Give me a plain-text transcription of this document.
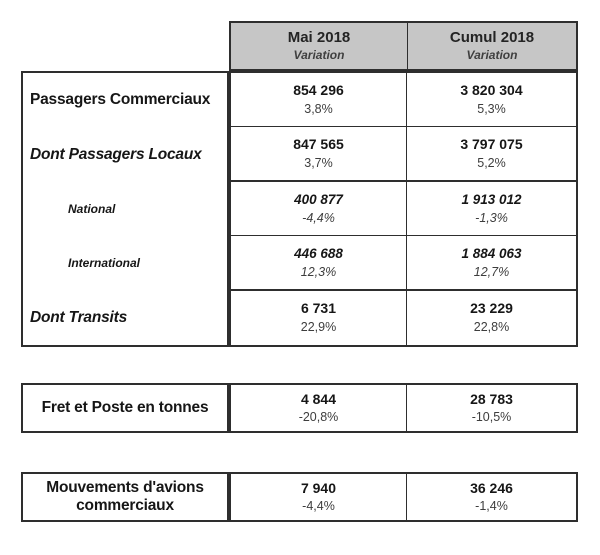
Mai 2018
Variation
Cumul 2018
Variation
Passagers Commerciaux
Dont Passagers Locaux
National
International
Dont Transits
854 296
3,8%
3 820 304
5,3%
847 565
3,7%
3 797 075
5,2%
400 877
-4,4%
1 913 012
-1,3%
446 688
12,3%
1 884 063
12,7%
6 731
22,9%
23 229
22,8%
Fret et Poste en tonnes	4 844
-20,8%
28 783
-10,5%
Mouvements d'avions
commerciaux
7 940
-4,4%
36 246
-1,4%
